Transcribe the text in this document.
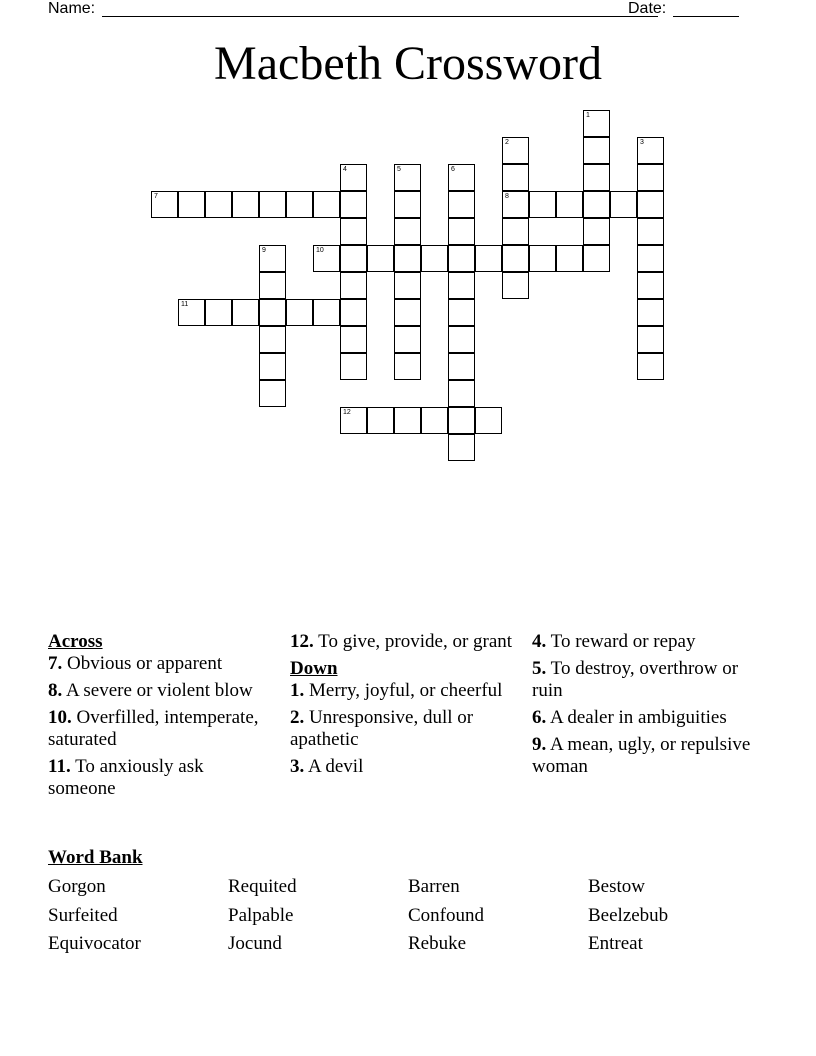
Name:	Date:
Macbeth Crossword
7	8
10
11
12
1
2	3
4	5	6
9
Across
7. Obvious or apparent
8. A severe or violent blow
10. Overfilled, intemperate, saturated
11. To anxiously ask someone
12. To give, provide, or grant
Down
1. Merry, joyful, or cheerful
2. Unresponsive, dull or apathetic
3. A devil
4. To reward or repay
5. To destroy, overthrow or ruin
6. A dealer in ambiguities
9. A mean, ugly, or repulsive woman
Word Bank
Gorgon	Requited	Barren	Bestow
Surfeited	Palpable	Confound	Beelzebub
Equivocator	Jocund	Rebuke	Entreat
